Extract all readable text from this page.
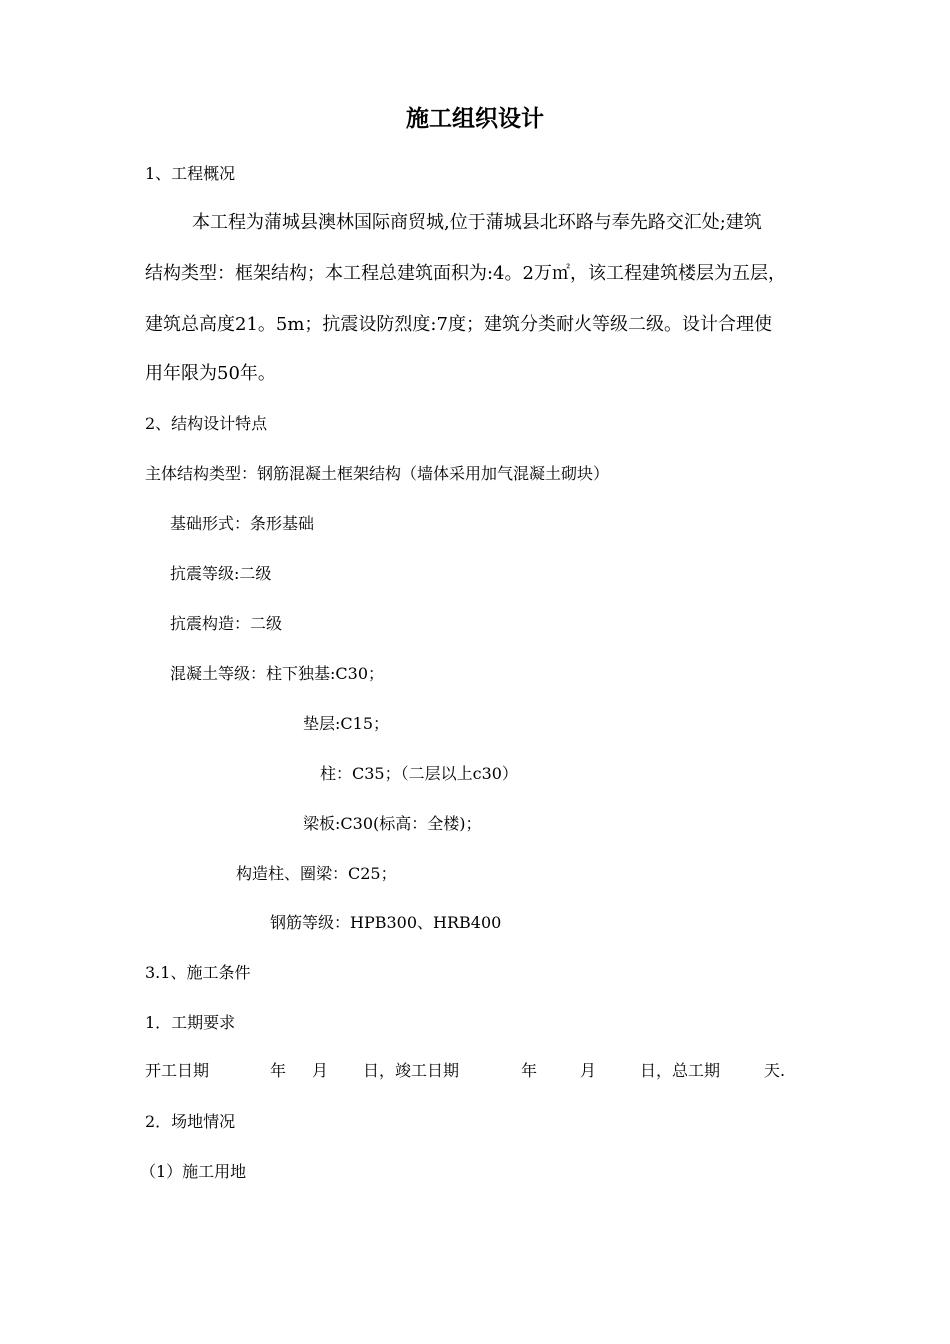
施工组织设计
1、工程概况
本工程为蒲城县澳林国际商贸城,位于蒲城县北环路与奉先路交汇处;建筑
结构类型：框架结构；本工程总建筑面积为:4。2万㎡，该工程建筑楼层为五层，
建筑总高度21。5m；抗震设防烈度:7度；建筑分类耐火等级二级。设计合理使
用年限为50年。
2、结构设计特点
主体结构类型：钢筋混凝土框架结构（墙体采用加气混凝土砌块）
基础形式：条形基础
抗震等级:二级
抗震构造：二级
混凝土等级：柱下独基:C30；
垫层:C15；
柱：C35；（二层以上c30）
梁板:C30(标高：全楼)；
构造柱、圈梁：C25；
钢筋等级：HPB300、HRB400
3.1、施工条件
1．工期要求
开工日期	年 月 日，竣工日期	年	月	日，总工期	天.
2．场地情况
（1）施工用地
